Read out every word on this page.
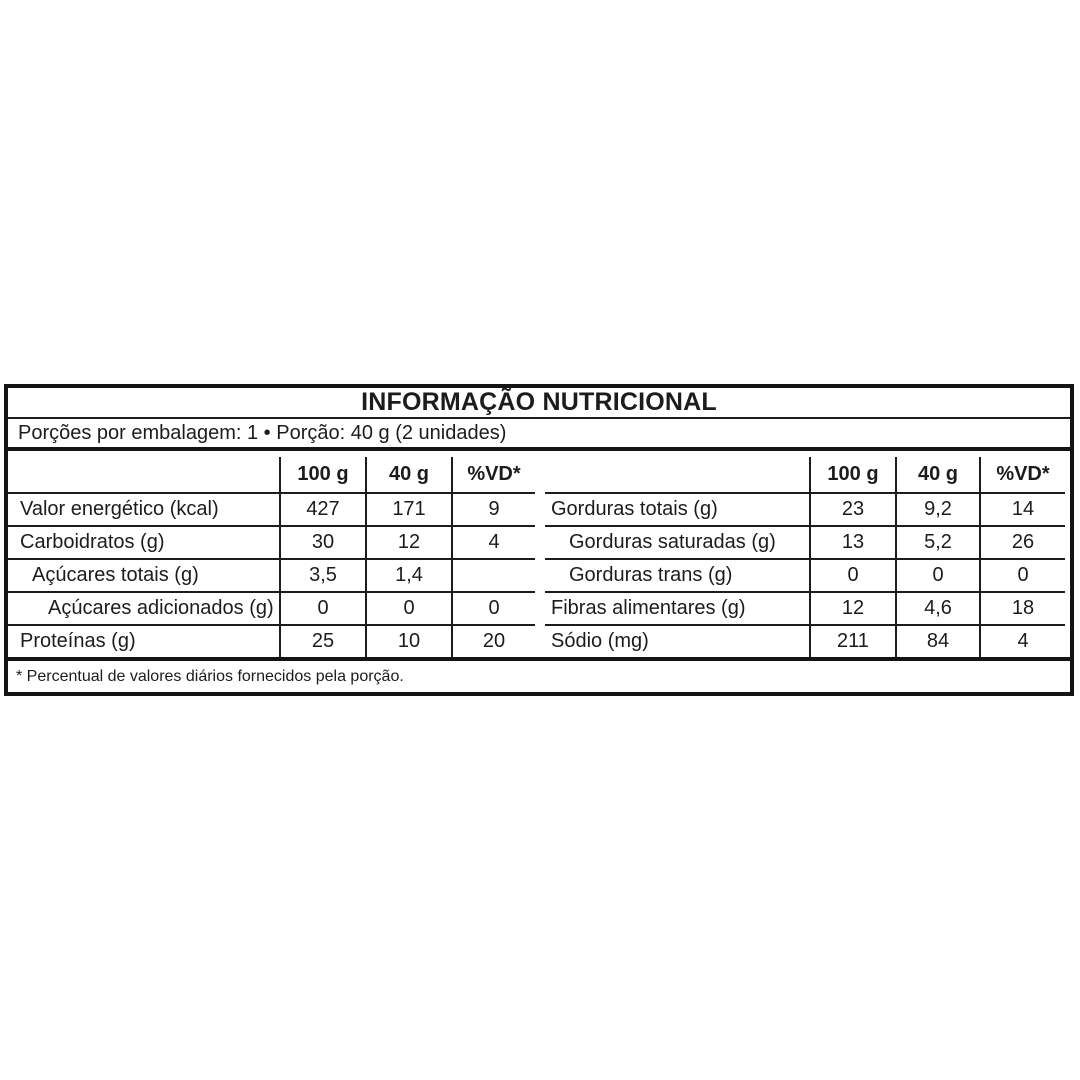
INFORMAÇÃO NUTRICIONAL
Porções por embalagem: 1 • Porção: 40 g (2 unidades)
100 g	40 g	%VD*
Valor energético (kcal)	427	171	9
Carboidratos (g)	30	12	4
Açúcares totais (g)	3,5	1,4
Açúcares adicionados (g)	0	0	0
Proteínas (g)	25	10	20
100 g	40 g	%VD*
Gorduras totais (g)	23	9,2	14
Gorduras saturadas (g)	13	5,2	26
Gorduras trans (g)	0	0	0
Fibras alimentares (g)	12	4,6	18
Sódio (mg)	211	84	4
* Percentual de valores diários fornecidos pela porção.
